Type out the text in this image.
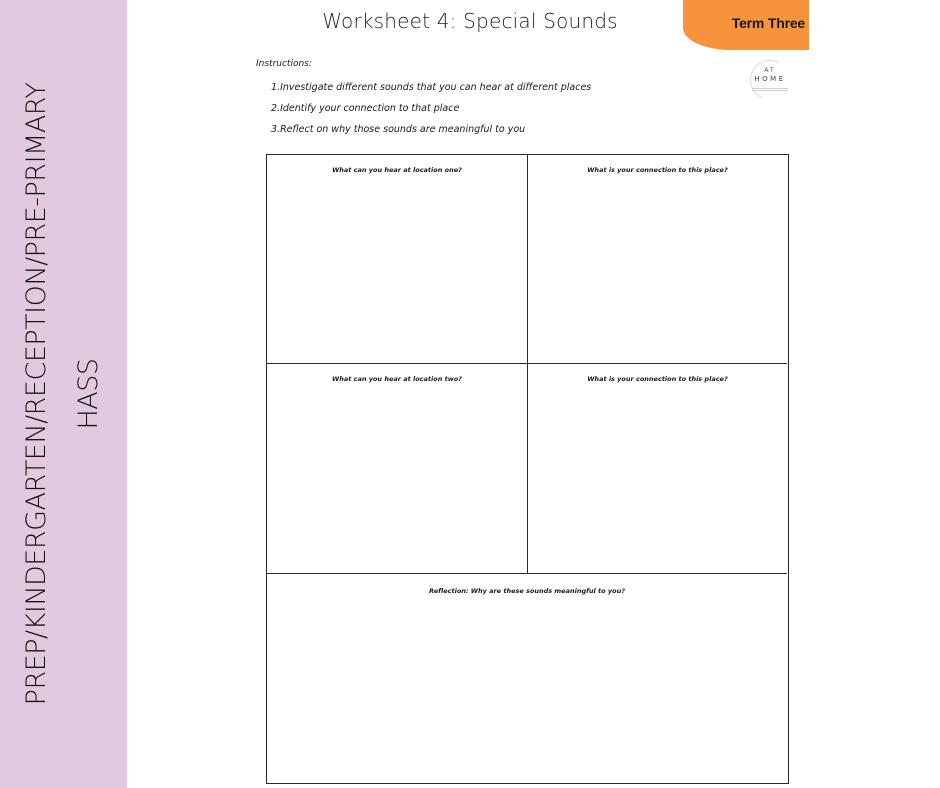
PREP/KINDERGARTEN/RECEPTION/PRE-PRIMARY HASS
Worksheet 4: Special Sounds	Term Three
AT
HOME
Instructions:
1.Investigate different sounds that you can hear at different places
2.Identify your connection to that place
3.Reflect on why those sounds are meaningful to you
What can you hear at location one?	What is your connection to this place?
What can you hear at location two?	What is your connection to this place?
Reflection: Why are these sounds meaningful to you?
